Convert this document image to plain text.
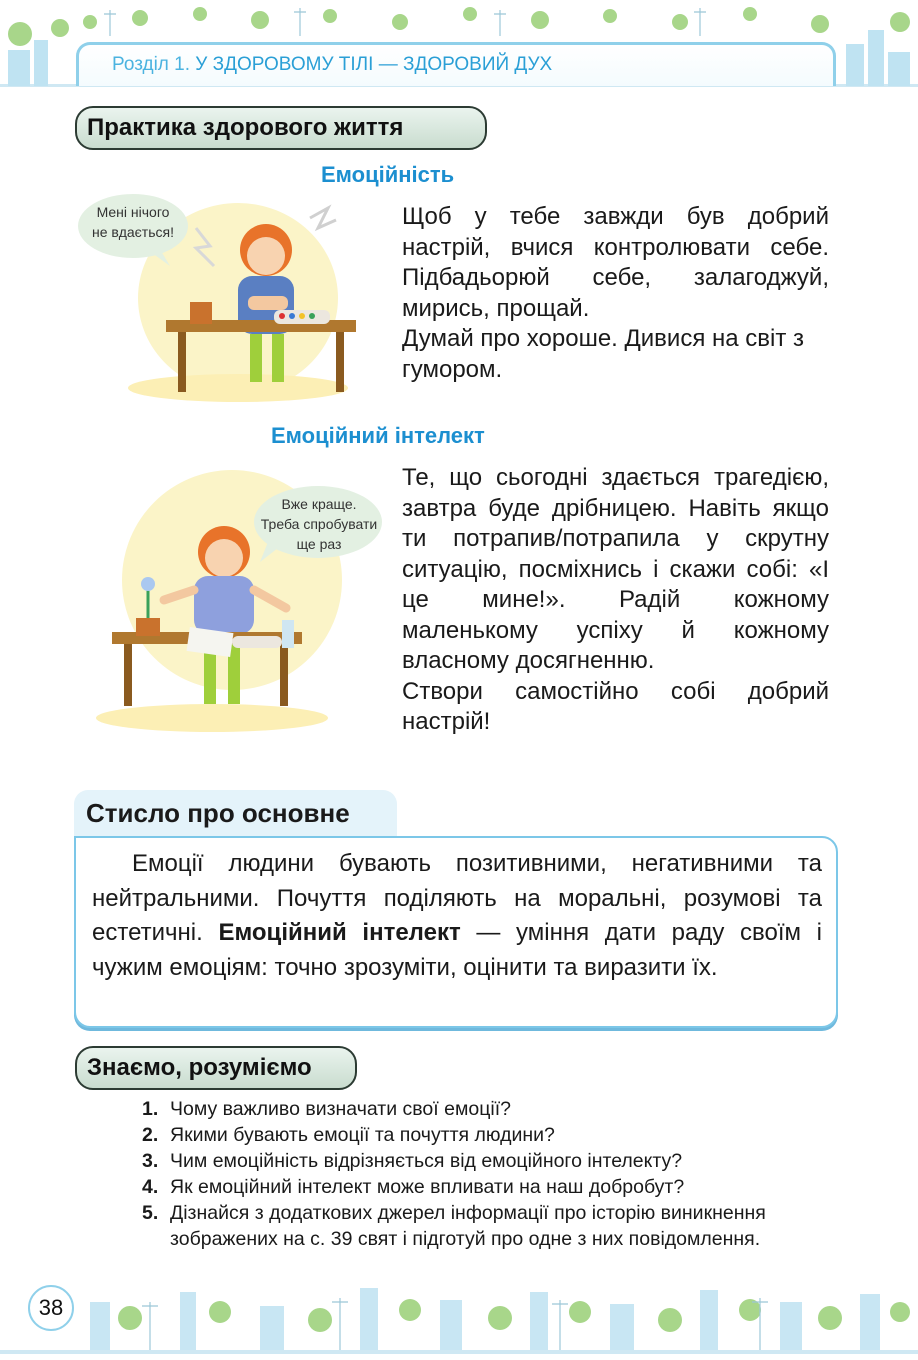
Розділ 1. У ЗДОРОВОМУ ТІЛІ — ЗДОРОВИЙ ДУХ
Практика здорового життя
Емоційність
Мені нічого
не вдається!

Щоб у тебе завжди був добрий настрій, вчися контролювати себе. Підбадьорюй себе, залагоджуй, мирись, прощай.

Думай про хороше. Дивися на світ з гумором.

Емоційний інтелект
Вже краще.
Треба спробувати
ще раз

Те, що сьогодні здається трагедією, завтра буде дрібницею. Навіть якщо ти потрапив/потрапила у скрутну ситуацію, посміхнись і скажи собі: «І це мине!». Радій кожному маленькому успіху й кожному власному досягненню.

Створи самостійно собі добрий настрій!

Стисло про основне
Емоції людини бувають позитивними, негативними та нейтральними. Почуття поділяють на моральні, розумові та естетичні. Емоційний інтелект — уміння дати раду своїм і чужим емоціям: точно зрозуміти, оцінити та виразити їх.
Знаємо, розуміємо
1. Чому важливо визначати свої емоції?
2. Якими бувають емоції та почуття людини?
3. Чим емоційність відрізняється від емоційного інтелекту?
4. Як емоційний інтелект може впливати на наш добробут?
5. Дізнайся з додаткових джерел інформації про історію виникнення зображених на с. 39 свят і підготуй про одне з них повідомлення.
38
